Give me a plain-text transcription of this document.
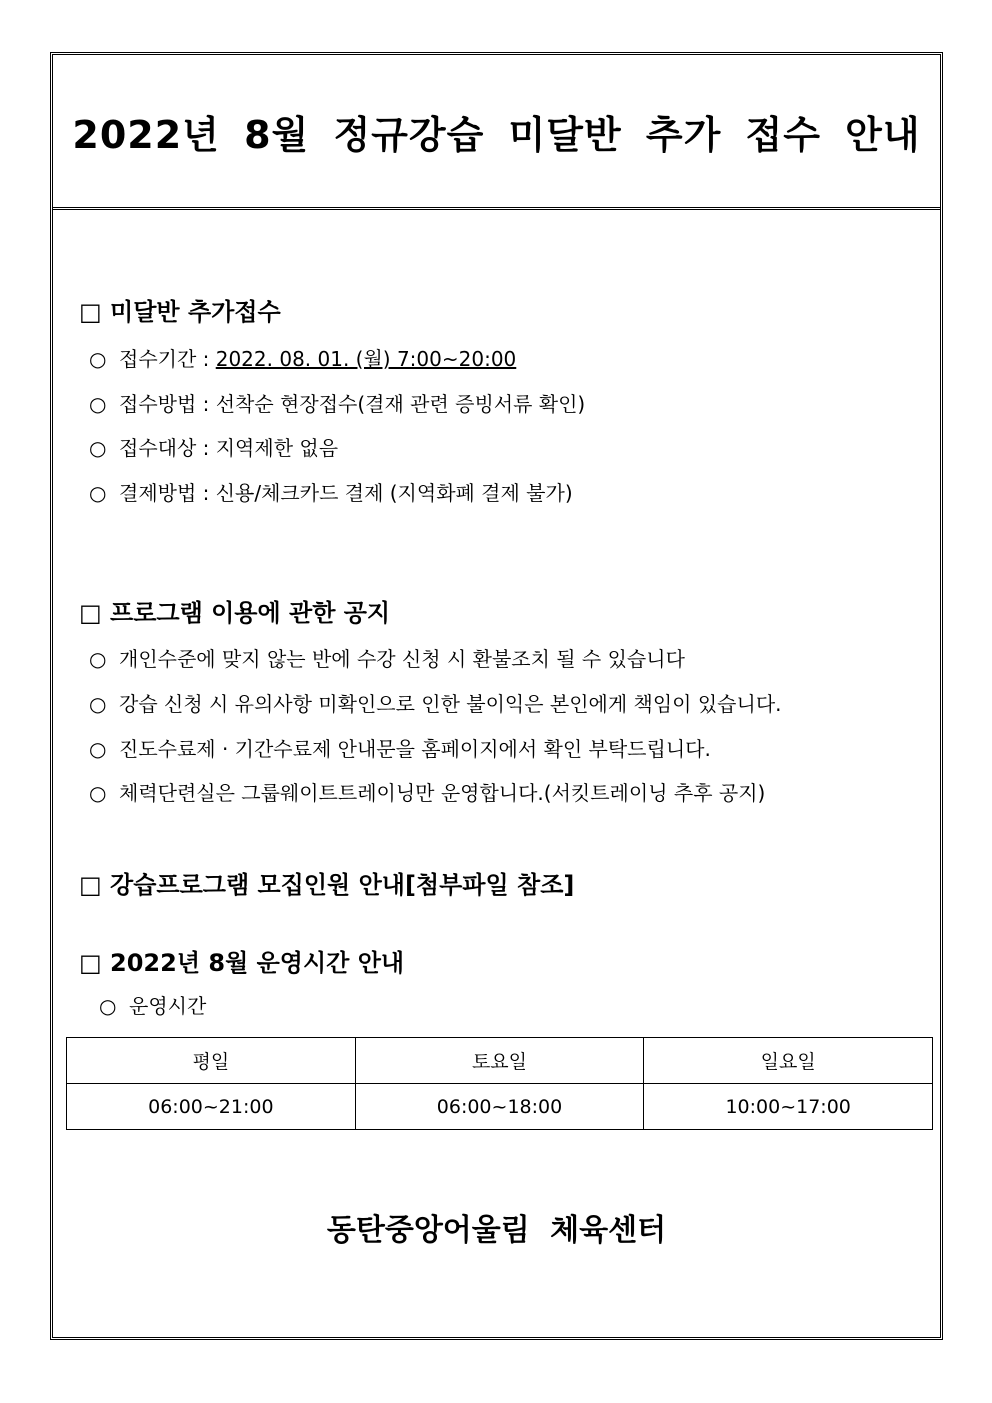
2022년 8월 정규강습 미달반 추가 접수 안내
□ 미달반 추가접수
○ 접수기간 : 2022. 08. 01. (월) 7:00~20:00
○ 접수방법 : 선착순 현장접수(결재 관련 증빙서류 확인)
○ 접수대상 : 지역제한 없음
○ 결제방법 : 신용/체크카드 결제 (지역화폐 결제 불가)
□ 프로그램 이용에 관한 공지
○ 개인수준에 맞지 않는 반에 수강 신청 시 환불조치 될 수 있습니다
○ 강습 신청 시 유의사항 미확인으로 인한 불이익은 본인에게 책임이 있습니다.
○ 진도수료제 · 기간수료제 안내문을 홈페이지에서 확인 부탁드립니다.
○ 체력단련실은 그룹웨이트트레이닝만 운영합니다.(서킷트레이닝 추후 공지)
□ 강습프로그램 모집인원 안내[첨부파일 참조]
□ 2022년 8월 운영시간 안내
○ 운영시간
평일	토요일	일요일
06:00~21:00	06:00~18:00	10:00~17:00
동탄중앙어울림 체육센터
